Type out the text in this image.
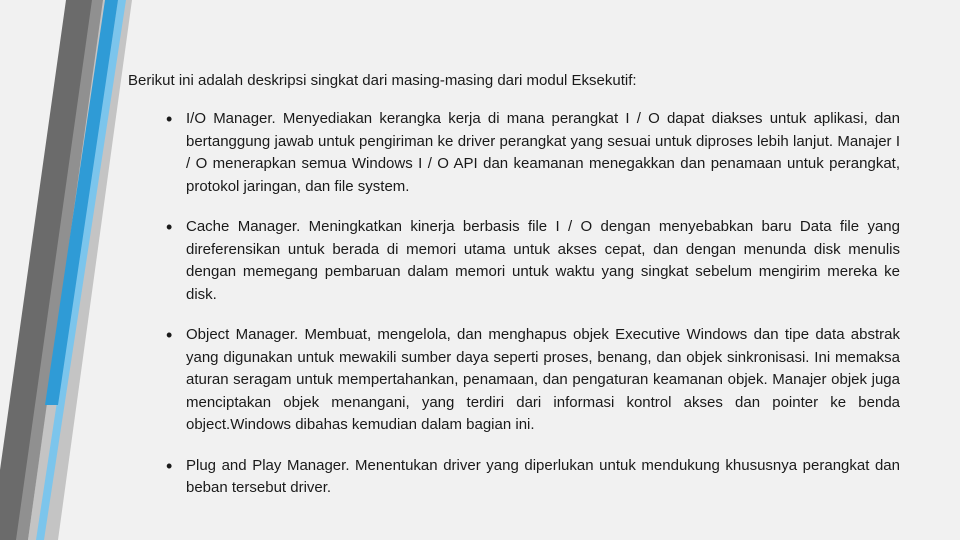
Berikut ini adalah deskripsi singkat dari masing-masing dari modul Eksekutif:

• I/O Manager. Menyediakan kerangka kerja di mana perangkat I / O dapat diakses untuk aplikasi, dan bertanggung jawab untuk pengiriman ke driver perangkat yang sesuai untuk diproses lebih lanjut. Manajer I / O menerapkan semua Windows I / O API dan keamanan menegakkan dan penamaan untuk perangkat, protokol jaringan, dan file system.
• Cache Manager. Meningkatkan kinerja berbasis file I / O dengan menyebabkan baru Data file yang direferensikan untuk berada di memori utama untuk akses cepat, dan dengan menunda disk menulis dengan memegang pembaruan dalam memori untuk waktu yang singkat sebelum mengirim mereka ke disk.
• Object Manager. Membuat, mengelola, dan menghapus objek Executive Windows dan tipe data abstrak yang digunakan untuk mewakili sumber daya seperti proses, benang, dan objek sinkronisasi. Ini memaksa aturan seragam untuk mempertahankan, penamaan, dan pengaturan keamanan objek. Manajer objek juga menciptakan objek menangani, yang terdiri dari informasi kontrol akses dan pointer ke benda object.Windows dibahas kemudian dalam bagian ini.
• Plug and Play Manager. Menentukan driver yang diperlukan untuk mendukung khususnya perangkat dan beban tersebut driver.
